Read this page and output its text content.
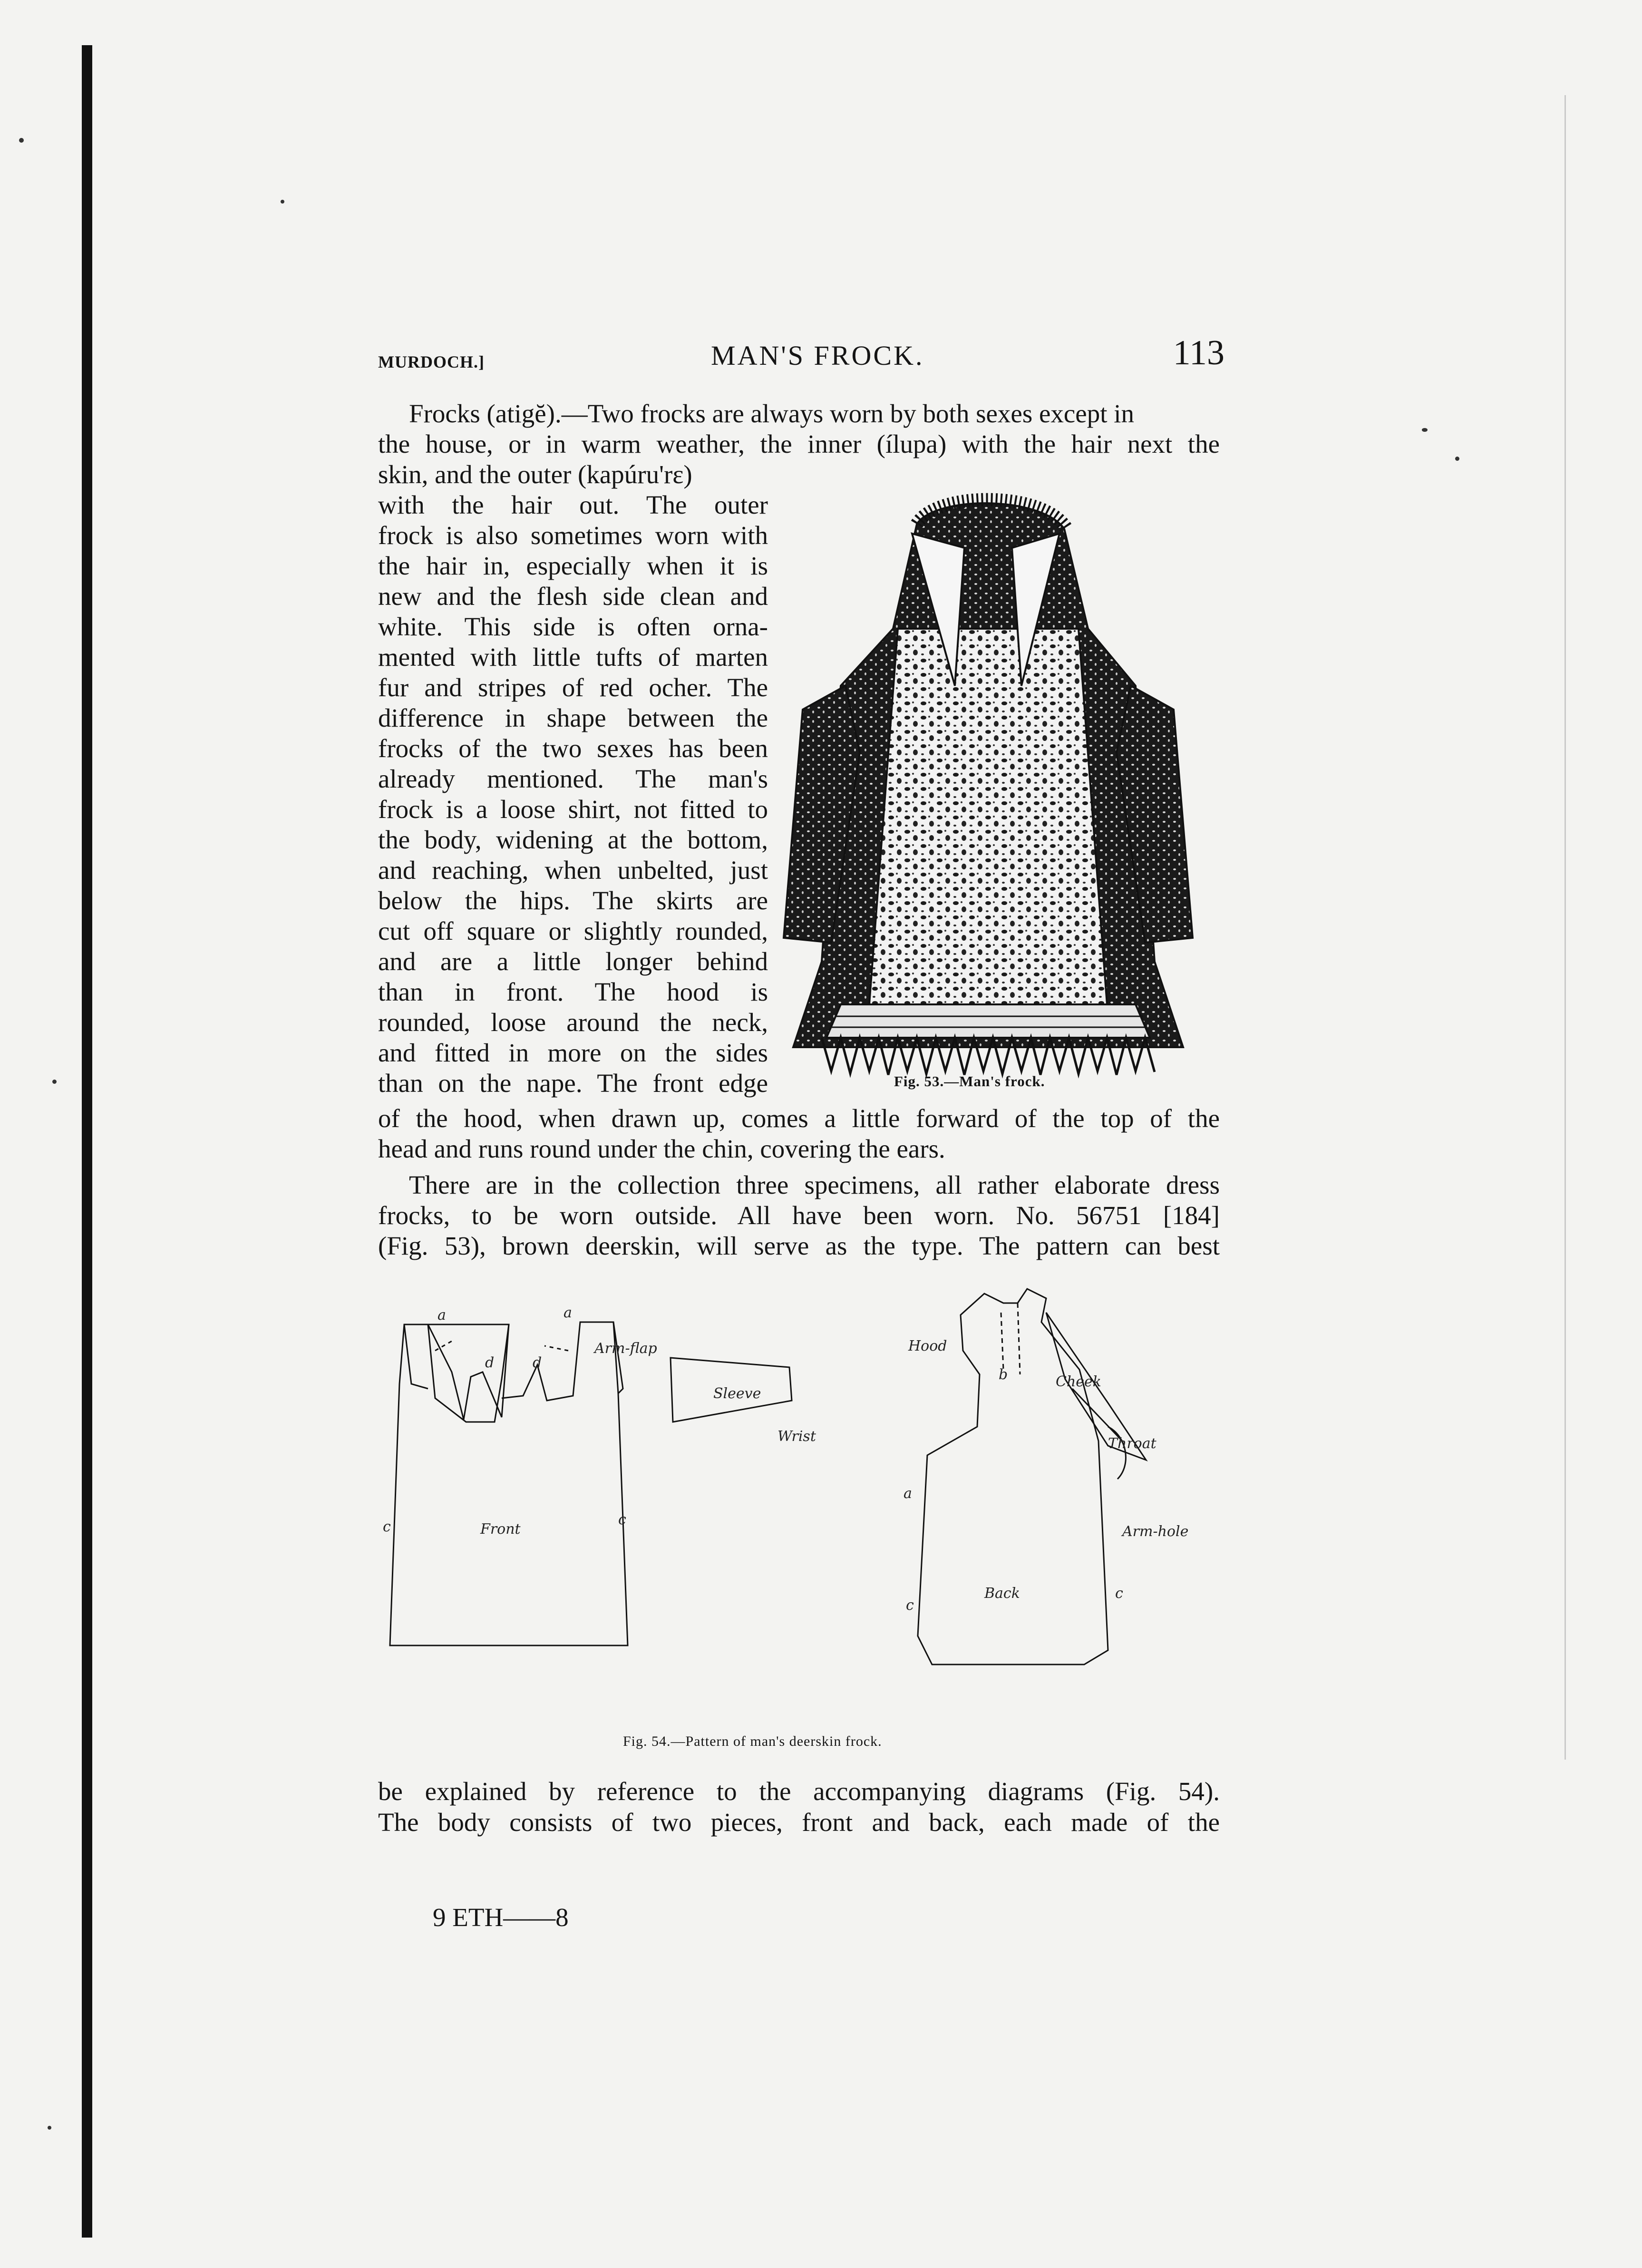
MURDOCH.]	MAN'S FROCK.	113
Frocks (atigĕ).—Two frocks are always worn by both sexes except in
the house, or in warm weather, the inner (ílupa) with the hair next the
skin, and the outer (kapúru'rɛ)
with the hair out. The outer
frock is also sometimes worn with
the hair in, especially when it is
new and the flesh side clean and
white. This side is often orna-
mented with little tufts of marten
fur and stripes of red ocher. The
difference in shape between the
frocks of the two sexes has been
already mentioned. The man's
frock is a loose shirt, not fitted to
the body, widening at the bottom,
and reaching, when unbelted, just
below the hips. The skirts are
cut off square or slightly rounded,
and are a little longer behind
than in front. The hood is
rounded, loose around the neck,
and fitted in more on the sides
than on the nape. The front edge
of the hood, when drawn up, comes a little forward of the top of the
head and runs round under the chin, covering the ears.
There are in the collection three specimens, all rather elaborate dress
frocks, to be worn outside. All have been worn. No. 56751 [184]
(Fig. 53), brown deerskin, will serve as the type. The pattern can best
Fig. 53.—Man's frock.
a	a
d	d
Arm-flap
c	c
Front
Sleeve
Wrist
Hood
b	Cheek
Throat
a
Arm-hole
Back
c
c
Fig. 54.—Pattern of man's deerskin frock.
be explained by reference to the accompanying diagrams (Fig. 54).
The body consists of two pieces, front and back, each made of the
9 ETH——8
